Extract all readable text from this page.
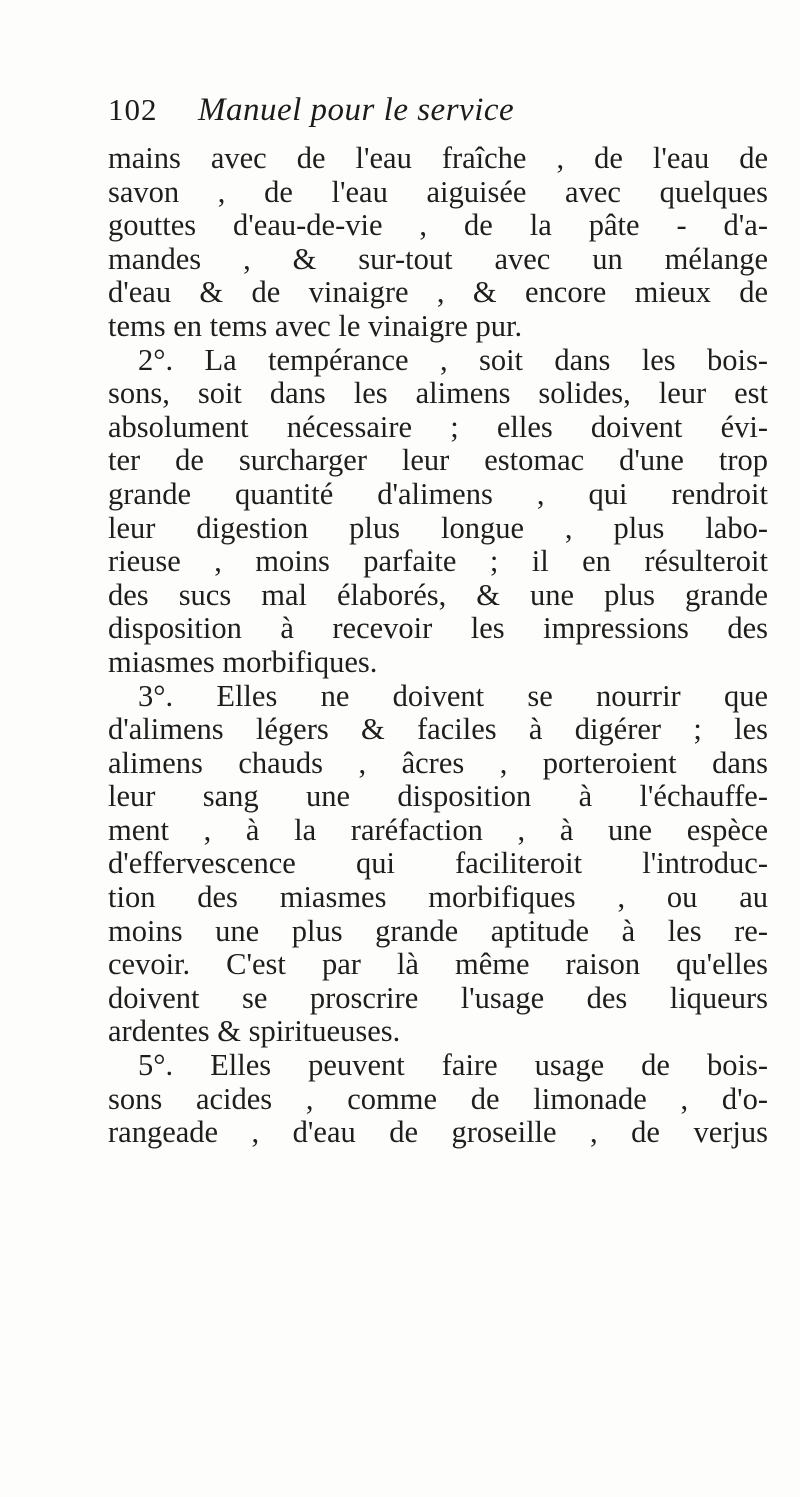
102 Manuel pour le service
mains avec de l'eau fraîche , de l'eau de
savon , de l'eau aiguisée avec quelques
gouttes d'eau-de-vie , de la pâte - d'a-
mandes , & sur-tout avec un mélange
d'eau & de vinaigre , & encore mieux de
tems en tems avec le vinaigre pur.
2°. La tempérance , soit dans les bois-
sons, soit dans les alimens solides, leur est
absolument nécessaire ; elles doivent évi-
ter de surcharger leur estomac d'une trop
grande quantité d'alimens , qui rendroit
leur digestion plus longue , plus labo-
rieuse , moins parfaite ; il en résulteroit
des sucs mal élaborés, & une plus grande
disposition à recevoir les impressions des
miasmes morbifiques.
3°. Elles ne doivent se nourrir que
d'alimens légers & faciles à digérer ; les
alimens chauds , âcres , porteroient dans
leur sang une disposition à l'échauffe-
ment , à la raréfaction , à une espèce
d'effervescence qui faciliteroit l'introduc-
tion des miasmes morbifiques , ou au
moins une plus grande aptitude à les re-
cevoir. C'est par là même raison qu'elles
doivent se proscrire l'usage des liqueurs
ardentes & spiritueuses.
5°. Elles peuvent faire usage de bois-
sons acides , comme de limonade , d'o-
rangeade , d'eau de groseille , de verjus
